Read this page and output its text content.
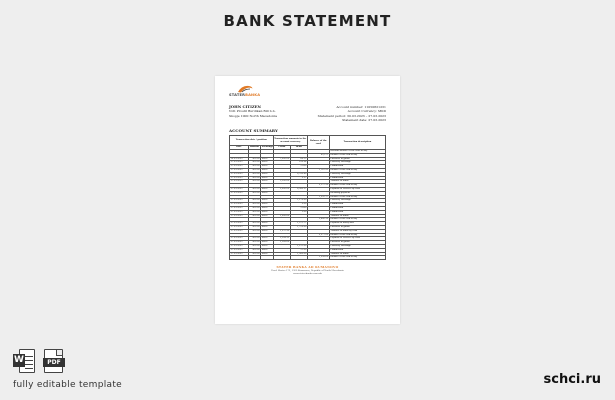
BANK STATEMENT
STATERBANKA
JOHN CITIZEN
Ndr. Prostil Burdikan Bill b.b.
Skopje 1000 North Macedonia
Account number: 11050821231
Account Currency: MKD
Statement period: 30.03.2023 – 27.03.2023
Statement date: 27.03.2023
ACCOUNT SUMMARY
Transaction date / position			Transaction amounts in the account currency		Balance of the card	Transaction description
Date	Amount	Exchange	Credit	Debit		
						Account balance at the start of day
					89,155	Balance at the end of day
26.03.2023	400.00	RATE	5,000.00	89.55		Purchase of goods
27.03.2023	400.00	RATE		199.98		Currency exchange
27.03.2023	400.00	RATE		1.000		Commission
27.03.2023	400.00	RATE			1,565.21	Balance at the end of day
27.03.2023	400.00	RATE		8,700.80		Currency exchange
27.03.2023	400.00	RATE		2.17		Commission
27.03.2023	400.00	RATE	3,100.00			Transfer of funds
					4,157.39	Balance at the end of day
27.03.2023	400.00	RATE	2,000.00	8,990.17		Payment of services by card
27.03.2023	400.00	RATE				Incoming payment
					1,245.77	Balance at the end of day
27.03.2023	400.00	RATE		1,179.60		Currency exchange
27.03.2023	400.00	RATE		2.00		Commission
27.03.2023	400.00	RATE		1.000		Commission
27.03.2023	400.00	RATE		1.00		Commission
27.03.2023	400.00	RATE	1,000.00			Transfer of funds
					2,880.39	Balance at the end of day
27.03.2023	400.00	RATE		1,275.77		Payment of utility bills
27.03.2023	400.00	RATE		1,570.00		Purchase of goods
27.03.2023	400.00	RATE	1,255.20			Transfer of funds by card
					4,277.92	Balance at the end of day
27.03.2023	400.00	RATE	2,108.33			Payment of services by card
27.03.2023	400.00	RATE	1,189.60			Purchase of goods
27.03.2023	400.00	RATE		1,115.00		Currency exchange
27.03.2023	400.00	RATE		15.00		Commission
27.03.2023	400.00	RATE		1,000.00		Transfer of funds
					1,249.00	Balance at the end of day
STATER BANKA AD KUMANOVO
Pavel Shatev 172, 1300 Kumanovo, Republic of North Macedonia
www.staterbanka.com.mk
W	PDF
fully editable template	schci.ru
